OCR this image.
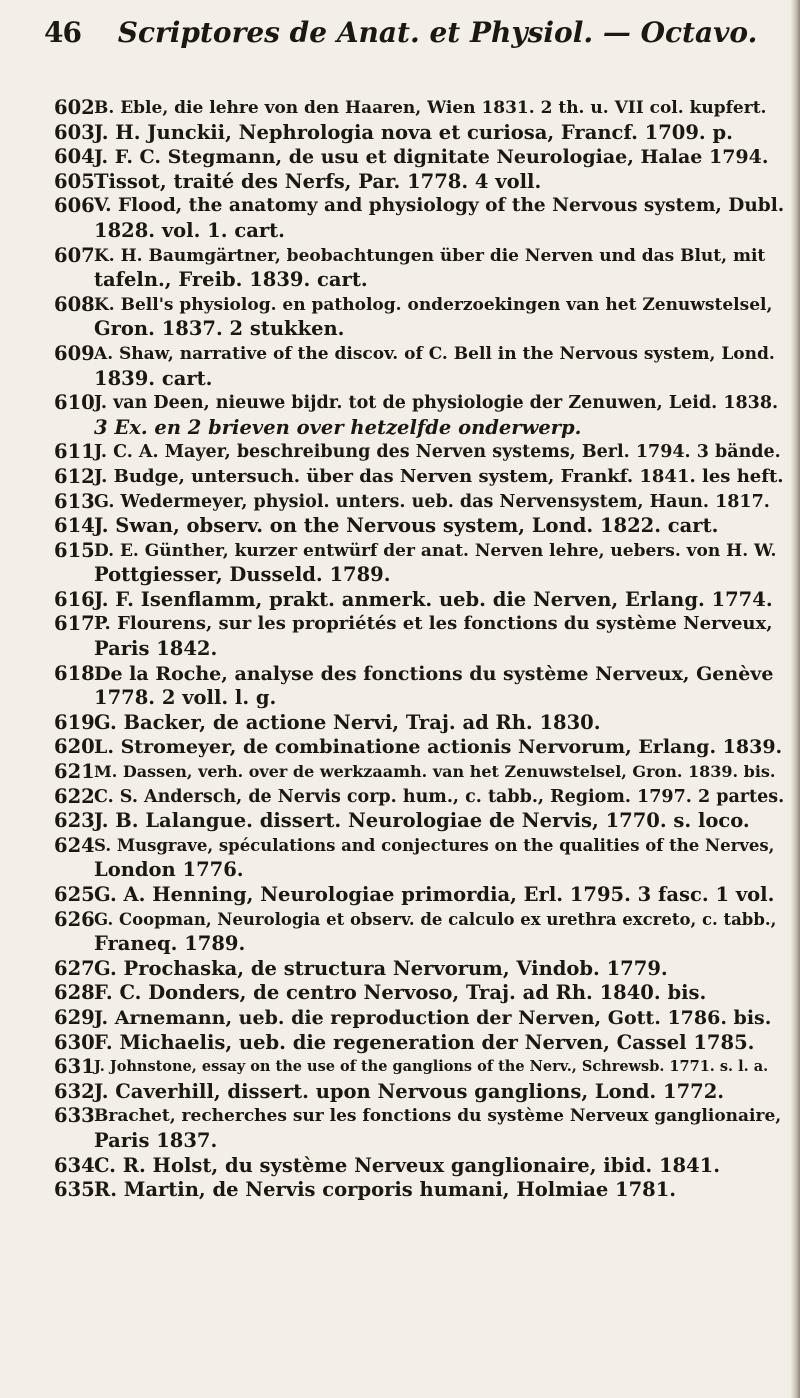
46 Scriptores de Anat. et Physiol. — Octavo.
602 B. Eble, die lehre von den Haaren, Wien 1831. 2 th. u. VII col. kupfert.
603 J. H. Junckii, Nephrologia nova et curiosa, Francf. 1709. p.
604 J. F. C. Stegmann, de usu et dignitate Neurologiae, Halae 1794.
605 Tissot, traité des Nerfs, Par. 1778. 4 voll.
606 V. Flood, the anatomy and physiology of the Nervous system, Dubl.
1828. vol. 1. cart.
607 K. H. Baumgärtner, beobachtungen über die Nerven und das Blut, mit
tafeln., Freib. 1839. cart.
608 K. Bell's physiolog. en patholog. onderzoekingen van het Zenuwstelsel,
Gron. 1837. 2 stukken.
609 A. Shaw, narrative of the discov. of C. Bell in the Nervous system, Lond.
1839. cart.
610 J. van Deen, nieuwe bijdr. tot de physiologie der Zenuwen, Leid. 1838.
3 Ex. en 2 brieven over hetzelfde onderwerp.
611 J. C. A. Mayer, beschreibung des Nerven systems, Berl. 1794. 3 bände.
612 J. Budge, untersuch. über das Nerven system, Frankf. 1841. les heft.
613 G. Wedermeyer, physiol. unters. ueb. das Nervensystem, Haun. 1817.
614 J. Swan, observ. on the Nervous system, Lond. 1822. cart.
615 D. E. Günther, kurzer entwürf der anat. Nerven lehre, uebers. von H. W.
Pottgiesser, Dusseld. 1789.
616 J. F. Isenflamm, prakt. anmerk. ueb. die Nerven, Erlang. 1774.
617 P. Flourens, sur les propriétés et les fonctions du système Nerveux,
Paris 1842.
618 De la Roche, analyse des fonctions du système Nerveux, Genève
1778. 2 voll. l. g.
619 G. Backer, de actione Nervi, Traj. ad Rh. 1830.
620 L. Stromeyer, de combinatione actionis Nervorum, Erlang. 1839.
621 M. Dassen, verh. over de werkzaamh. van het Zenuwstelsel, Gron. 1839. bis.
622 C. S. Andersch, de Nervis corp. hum., c. tabb., Regiom. 1797. 2 partes.
623 J. B. Lalangue. dissert. Neurologiae de Nervis, 1770. s. loco.
624 S. Musgrave, spéculations and conjectures on the qualities of the Nerves,
London 1776.
625 G. A. Henning, Neurologiae primordia, Erl. 1795. 3 fasc. 1 vol.
626 G. Coopman, Neurologia et observ. de calculo ex urethra excreto, c. tabb.,
Franeq. 1789.
627 G. Prochaska, de structura Nervorum, Vindob. 1779.
628 F. C. Donders, de centro Nervoso, Traj. ad Rh. 1840. bis.
629 J. Arnemann, ueb. die reproduction der Nerven, Gott. 1786. bis.
630 F. Michaelis, ueb. die regeneration der Nerven, Cassel 1785.
631 J. Johnstone, essay on the use of the ganglions of the Nerv., Schrewsb. 1771. s. l. a.
632 J. Caverhill, dissert. upon Nervous ganglions, Lond. 1772.
633 Brachet, recherches sur les fonctions du système Nerveux ganglionaire,
Paris 1837.
634 C. R. Holst, du système Nerveux ganglionaire, ibid. 1841.
635 R. Martin, de Nervis corporis humani, Holmiae 1781.
